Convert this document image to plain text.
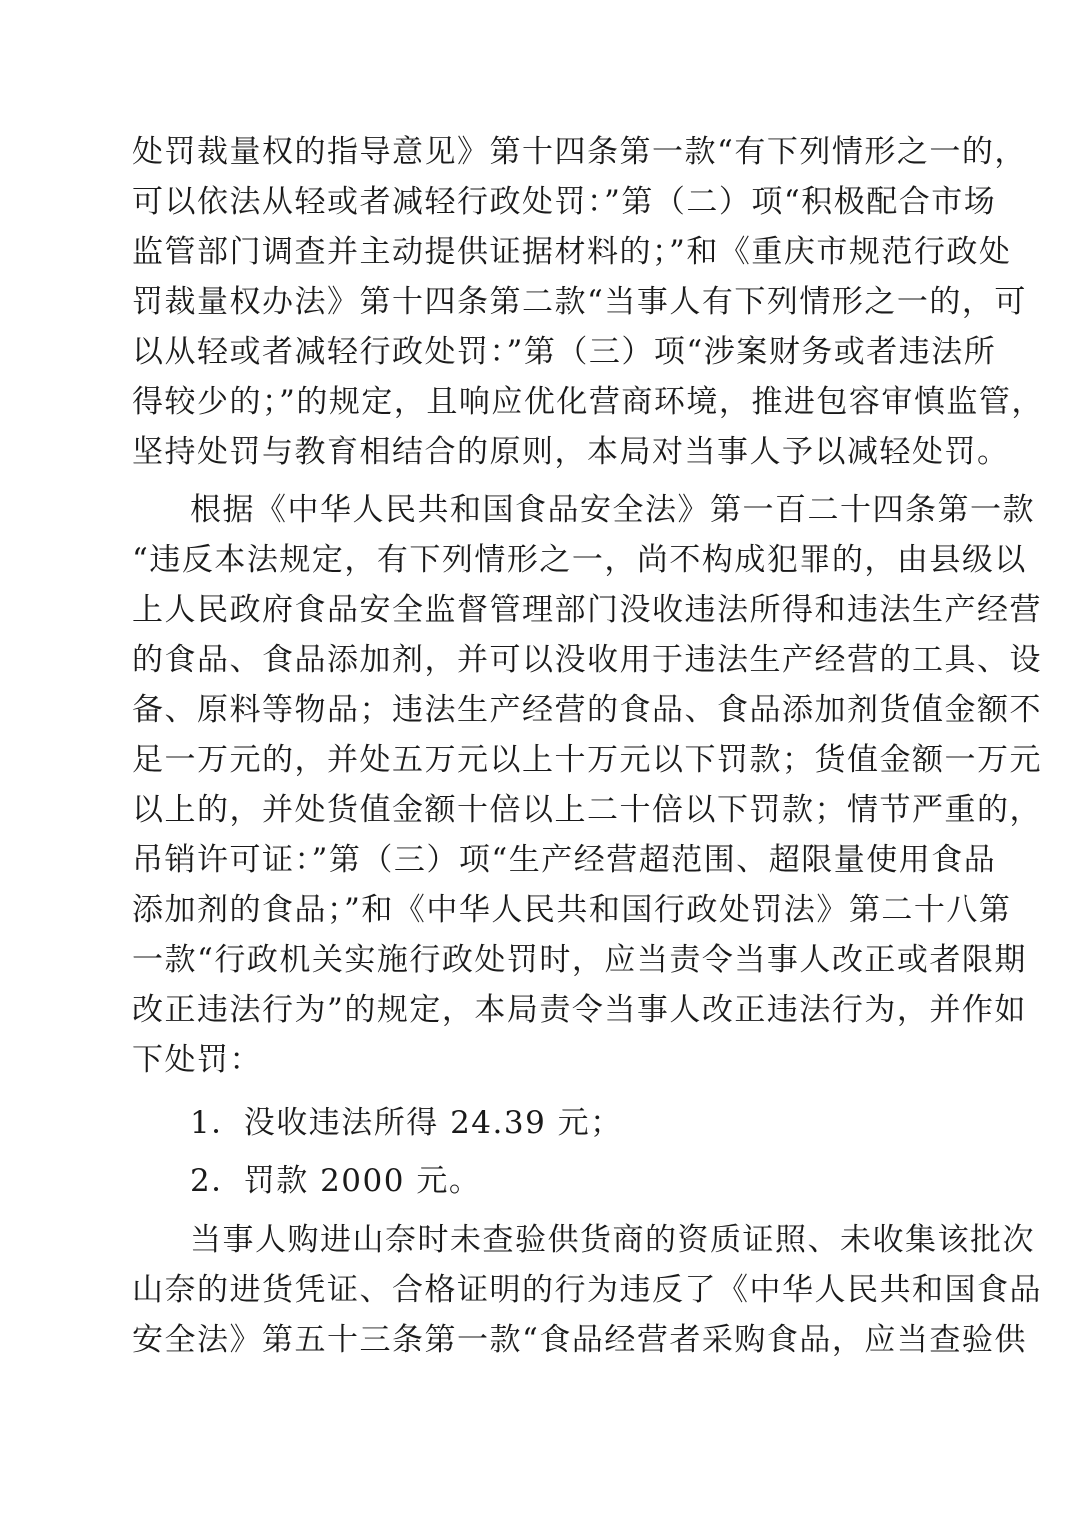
处罚裁量权的指导意见》第十四条第一款“有下列情形之一的，
可以依法从轻或者减轻行政处罚：”第（二）项“积极配合市场
监管部门调查并主动提供证据材料的；”和《重庆市规范行政处
罚裁量权办法》第十四条第二款“当事人有下列情形之一的，可
以从轻或者减轻行政处罚：”第（三）项“涉案财务或者违法所
得较少的；”的规定，且响应优化营商环境，推进包容审慎监管，
坚持处罚与教育相结合的原则，本局对当事人予以减轻处罚。
根据《中华人民共和国食品安全法》第一百二十四条第一款
“违反本法规定，有下列情形之一，尚不构成犯罪的，由县级以
上人民政府食品安全监督管理部门没收违法所得和违法生产经营
的食品、食品添加剂，并可以没收用于违法生产经营的工具、设
备、原料等物品；违法生产经营的食品、食品添加剂货值金额不
足一万元的，并处五万元以上十万元以下罚款；货值金额一万元
以上的，并处货值金额十倍以上二十倍以下罚款；情节严重的，
吊销许可证：”第（三）项“生产经营超范围、超限量使用食品
添加剂的食品；”和《中华人民共和国行政处罚法》第二十八第
一款“行政机关实施行政处罚时，应当责令当事人改正或者限期
改正违法行为”的规定，本局责令当事人改正违法行为，并作如
下处罚：
1．没收违法所得 24.39 元；
2．罚款 2000 元。
当事人购进山奈时未查验供货商的资质证照、未收集该批次
山奈的进货凭证、合格证明的行为违反了《中华人民共和国食品
安全法》第五十三条第一款“食品经营者采购食品，应当查验供
